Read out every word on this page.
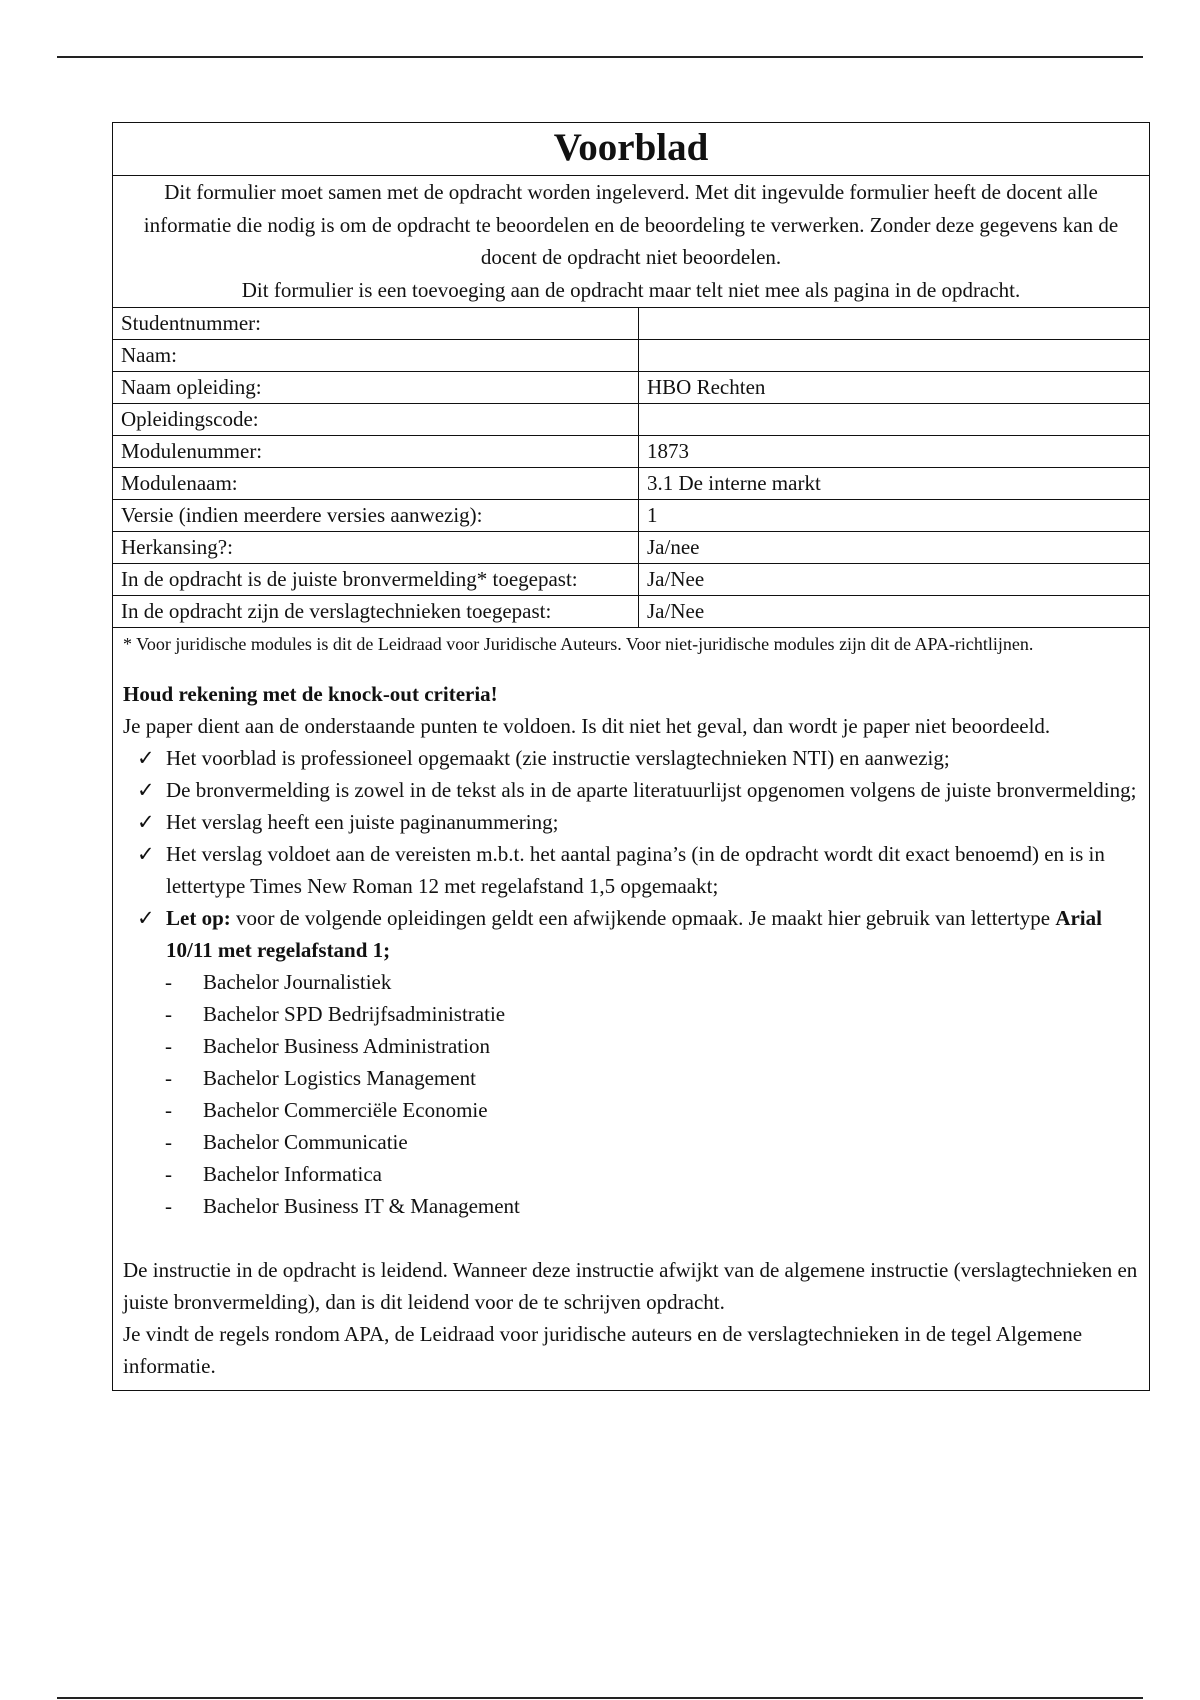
Voorblad

Dit formulier moet samen met de opdracht worden ingeleverd. Met dit ingevulde formulier heeft de docent alle informatie die nodig is om de opdracht te beoordelen en de beoordeling te verwerken. Zonder deze gegevens kan de docent de opdracht niet beoordelen.

Dit formulier is een toevoeging aan de opdracht maar telt niet mee als pagina in de opdracht.

Studentnummer:	
Naam:	
Naam opleiding:	HBO Rechten
Opleidingscode:	
Modulenummer:	1873
Modulenaam:	3.1 De interne markt
Versie (indien meerdere versies aanwezig):	1
Herkansing?:	Ja/nee
In de opdracht is de juiste bronvermelding* toegepast:	Ja/Nee
In de opdracht zijn de verslagtechnieken toegepast:	Ja/Nee

* Voor juridische modules is dit de Leidraad voor Juridische Auteurs. Voor niet-juridische modules zijn dit de APA-richtlijnen.

Houd rekening met de knock-out criteria!

Je paper dient aan de onderstaande punten te voldoen. Is dit niet het geval, dan wordt je paper niet beoordeeld.

✓ Het voorblad is professioneel opgemaakt (zie instructie verslagtechnieken NTI) en aanwezig;
✓ De bronvermelding is zowel in de tekst als in de aparte literatuurlijst opgenomen volgens de juiste bronvermelding;
✓ Het verslag heeft een juiste paginanummering;
✓ Het verslag voldoet aan de vereisten m.b.t. het aantal pagina’s (in de opdracht wordt dit exact benoemd) en is in lettertype Times New Roman 12 met regelafstand 1,5 opgemaakt;
✓ Let op: voor de volgende opleidingen geldt een afwijkende opmaak. Je maakt hier gebruik van lettertype Arial 10/11 met regelafstand 1;
- Bachelor Journalistiek
- Bachelor SPD Bedrijfsadministratie
- Bachelor Business Administration
- Bachelor Logistics Management
- Bachelor Commerciële Economie
- Bachelor Communicatie
- Bachelor Informatica
- Bachelor Business IT & Management

De instructie in de opdracht is leidend. Wanneer deze instructie afwijkt van de algemene instructie (verslagtechnieken en juiste bronvermelding), dan is dit leidend voor de te schrijven opdracht.

Je vindt de regels rondom APA, de Leidraad voor juridische auteurs en de verslagtechnieken in de tegel Algemene informatie.
